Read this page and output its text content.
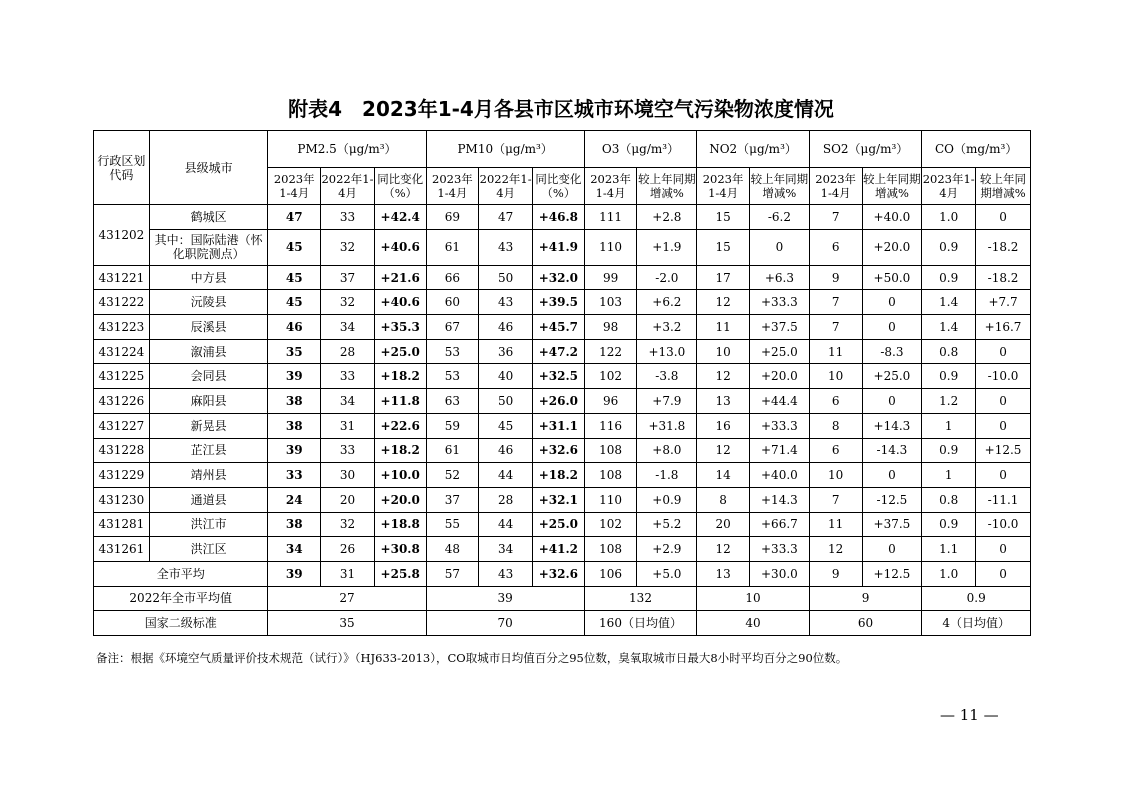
附表4　2023年1-4月各县市区城市环境空气污染物浓度情况
行政区划代码	县级城市	PM2.5（μg/m³）			PM10（μg/m³）			O3（μg/m³）		NO2（μg/m³）		SO2（μg/m³）		CO（mg/m³）	
		2023年1-4月	2022年1-4月	同比变化（%）	2023年1-4月	2022年1-4月	同比变化（%）	2023年1-4月	较上年同期增减%	2023年1-4月	较上年同期增减%	2023年1-4月	较上年同期增减%	2023年1-4月	较上年同期增减%
431202	鹤城区	47	33	+42.4	69	47	+46.8	111	+2.8	15	-6.2	7	+40.0	1.0	0
	其中：国际陆港（怀化职院测点）	45	32	+40.6	61	43	+41.9	110	+1.9	15	0	6	+20.0	0.9	-18.2
431221	中方县	45	37	+21.6	66	50	+32.0	99	-2.0	17	+6.3	9	+50.0	0.9	-18.2
431222	沅陵县	45	32	+40.6	60	43	+39.5	103	+6.2	12	+33.3	7	0	1.4	+7.7
431223	辰溪县	46	34	+35.3	67	46	+45.7	98	+3.2	11	+37.5	7	0	1.4	+16.7
431224	溆浦县	35	28	+25.0	53	36	+47.2	122	+13.0	10	+25.0	11	-8.3	0.8	0
431225	会同县	39	33	+18.2	53	40	+32.5	102	-3.8	12	+20.0	10	+25.0	0.9	-10.0
431226	麻阳县	38	34	+11.8	63	50	+26.0	96	+7.9	13	+44.4	6	0	1.2	0
431227	新晃县	38	31	+22.6	59	45	+31.1	116	+31.8	16	+33.3	8	+14.3	1	0
431228	芷江县	39	33	+18.2	61	46	+32.6	108	+8.0	12	+71.4	6	-14.3	0.9	+12.5
431229	靖州县	33	30	+10.0	52	44	+18.2	108	-1.8	14	+40.0	10	0	1	0
431230	通道县	24	20	+20.0	37	28	+32.1	110	+0.9	8	+14.3	7	-12.5	0.8	-11.1
431281	洪江市	38	32	+18.8	55	44	+25.0	102	+5.2	20	+66.7	11	+37.5	0.9	-10.0
431261	洪江区	34	26	+30.8	48	34	+41.2	108	+2.9	12	+33.3	12	0	1.1	0
全市平均		39	31	+25.8	57	43	+32.6	106	+5.0	13	+30.0	9	+12.5	1.0	0
2022年全市平均值		27			39			132		10		9		0.9	
国家二级标准		35			70			160（日均值）		40		60		4（日均值）	
备注：根据《环境空气质量评价技术规范（试行）》（HJ633-2013），CO取城市日均值百分之95位数，臭氧取城市日最大8小时平均百分之90位数。
— 11 —
